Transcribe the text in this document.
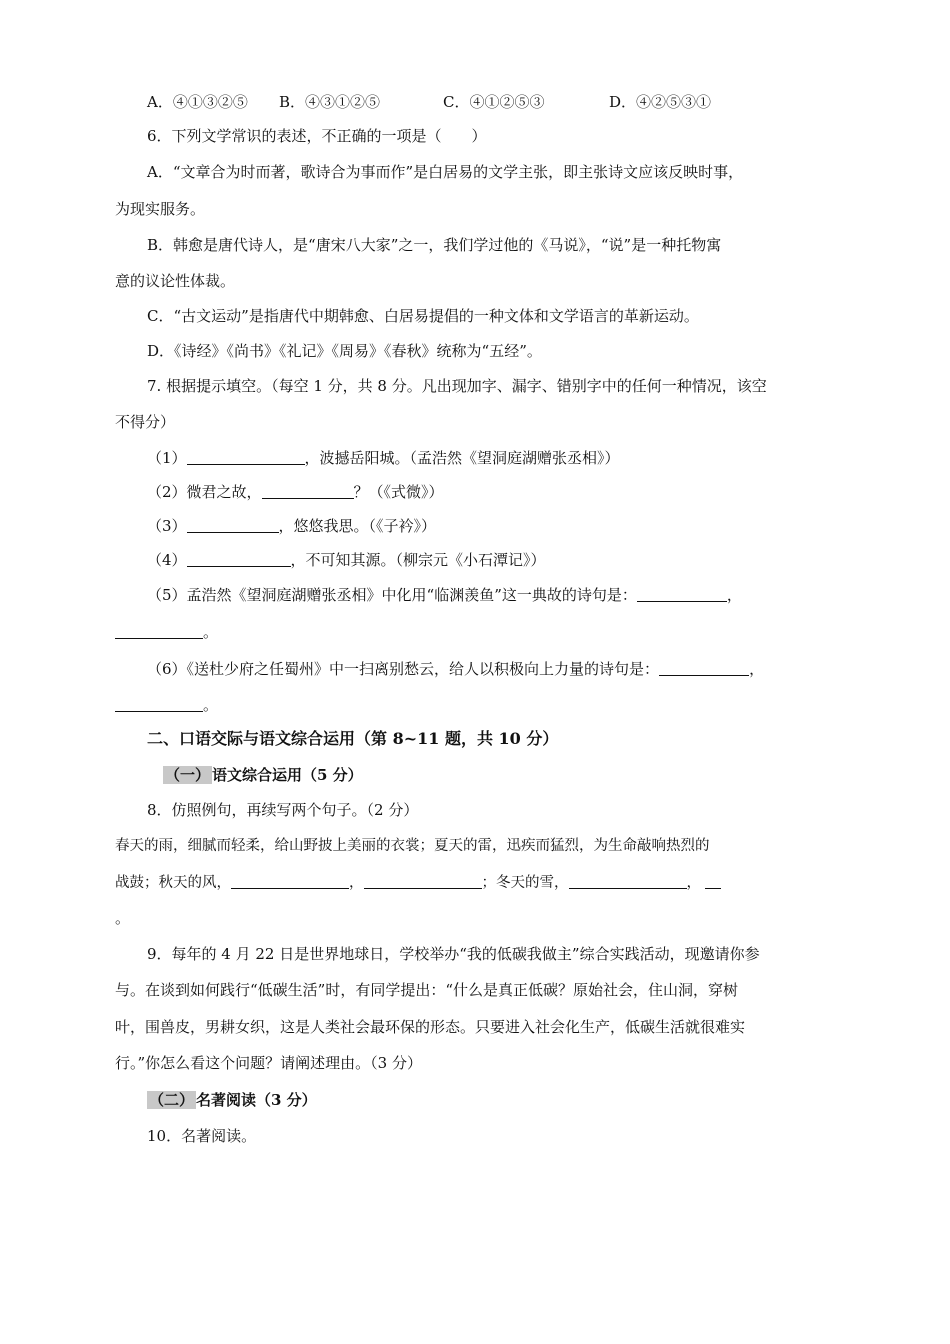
A．④①③②⑤ B．④③①②⑤	C．④①②⑤③	D．④②⑤③①
6．下列文学常识的表述，不正确的一项是（　　）
A．“文章合为时而著，歌诗合为事而作”是白居易的文学主张，即主张诗文应该反映时事，
为现实服务。
B．韩愈是唐代诗人，是“唐宋八大家”之一，我们学过他的《马说》，“说”是一种托物寓
意的议论性体裁。
C．“古文运动”是指唐代中期韩愈、白居易提倡的一种文体和文学语言的革新运动。
D．《诗经》《尚书》《礼记》《周易》《春秋》统称为“五经”。
7. 根据提示填空。（每空 1 分，共 8 分。凡出现加字、漏字、错别字中的任何一种情况，该空
不得分）
（1）	，波撼岳阳城。（孟浩然《望洞庭湖赠张丞相》）
（2）微君之故，	？（《式微》）
（3）	，悠悠我思。（《子衿》）
（4）	，不可知其源。（柳宗元《小石潭记》）
（5）孟浩然《望洞庭湖赠张丞相》中化用“临渊羡鱼”这一典故的诗句是：	，
。
（6）《送杜少府之任蜀州》中一扫离别愁云，给人以积极向上力量的诗句是：	，
。
二、口语交际与语文综合运用（第 8~11 题，共 10 分）
（一） 语文综合运用（5 分）
8．仿照例句，再续写两个句子。（2 分）
春天的雨，细腻而轻柔，给山野披上美丽的衣裳；夏天的雷，迅疾而猛烈，为生命敲响热烈的
战鼓；秋天的风，	，	；冬天的雪，	，
。
9．每年的 4 月 22 日是世界地球日，学校举办“我的低碳我做主”综合实践活动，现邀请你参
与。在谈到如何践行“低碳生活”时，有同学提出：“什么是真正低碳？原始社会，住山洞，穿树
叶，围兽皮，男耕女织，这是人类社会最环保的形态。只要进入社会化生产，低碳生活就很难实
行。”你怎么看这个问题？请阐述理由。（3 分）
（二） 名著阅读（3 分）
10．名著阅读。
